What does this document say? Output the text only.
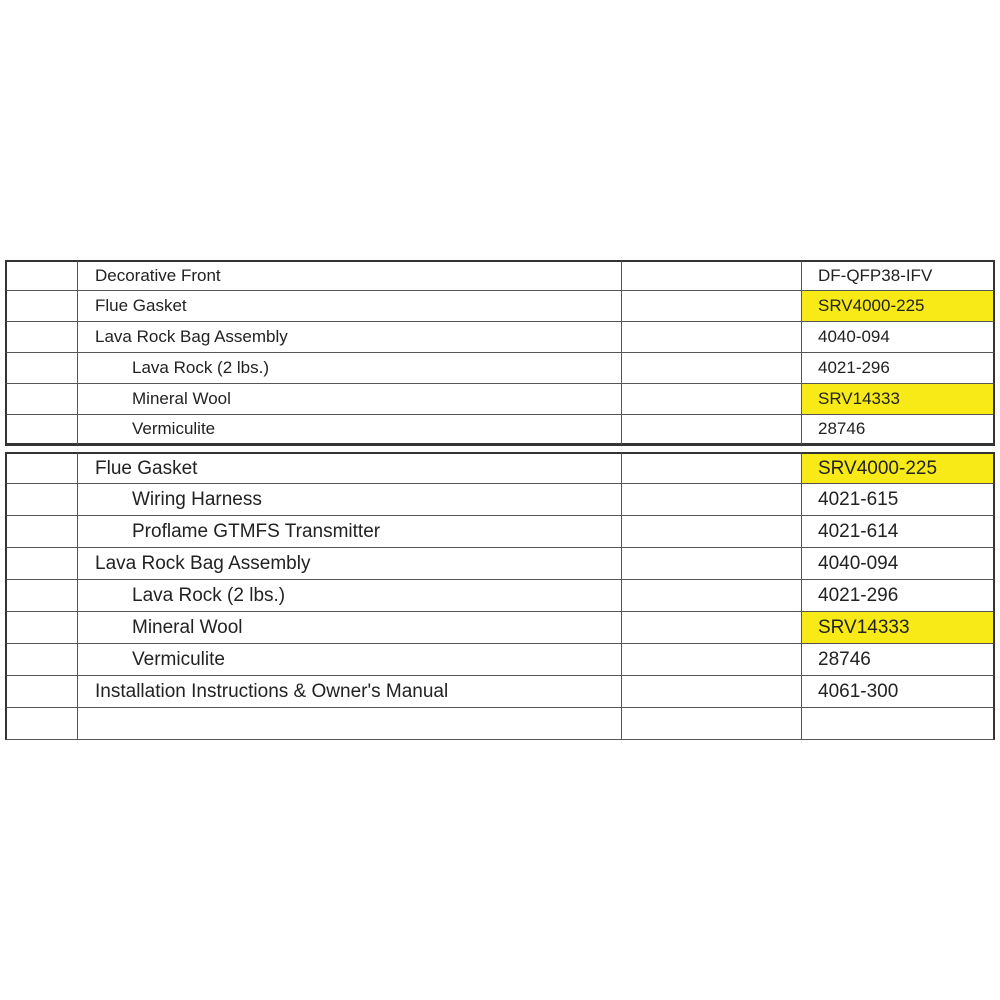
Decorative Front	DF-QFP38-IFV
Flue Gasket	SRV4000-225
Lava Rock Bag Assembly	4040-094
Lava Rock (2 lbs.)	4021-296
Mineral Wool	SRV14333
Vermiculite	28746
Flue Gasket	SRV4000-225
Wiring Harness	4021-615
Proflame GTMFS Transmitter	4021-614
Lava Rock Bag Assembly	4040-094
Lava Rock (2 lbs.)	4021-296
Mineral Wool	SRV14333
Vermiculite	28746
Installation Instructions & Owner's Manual	4061-300
